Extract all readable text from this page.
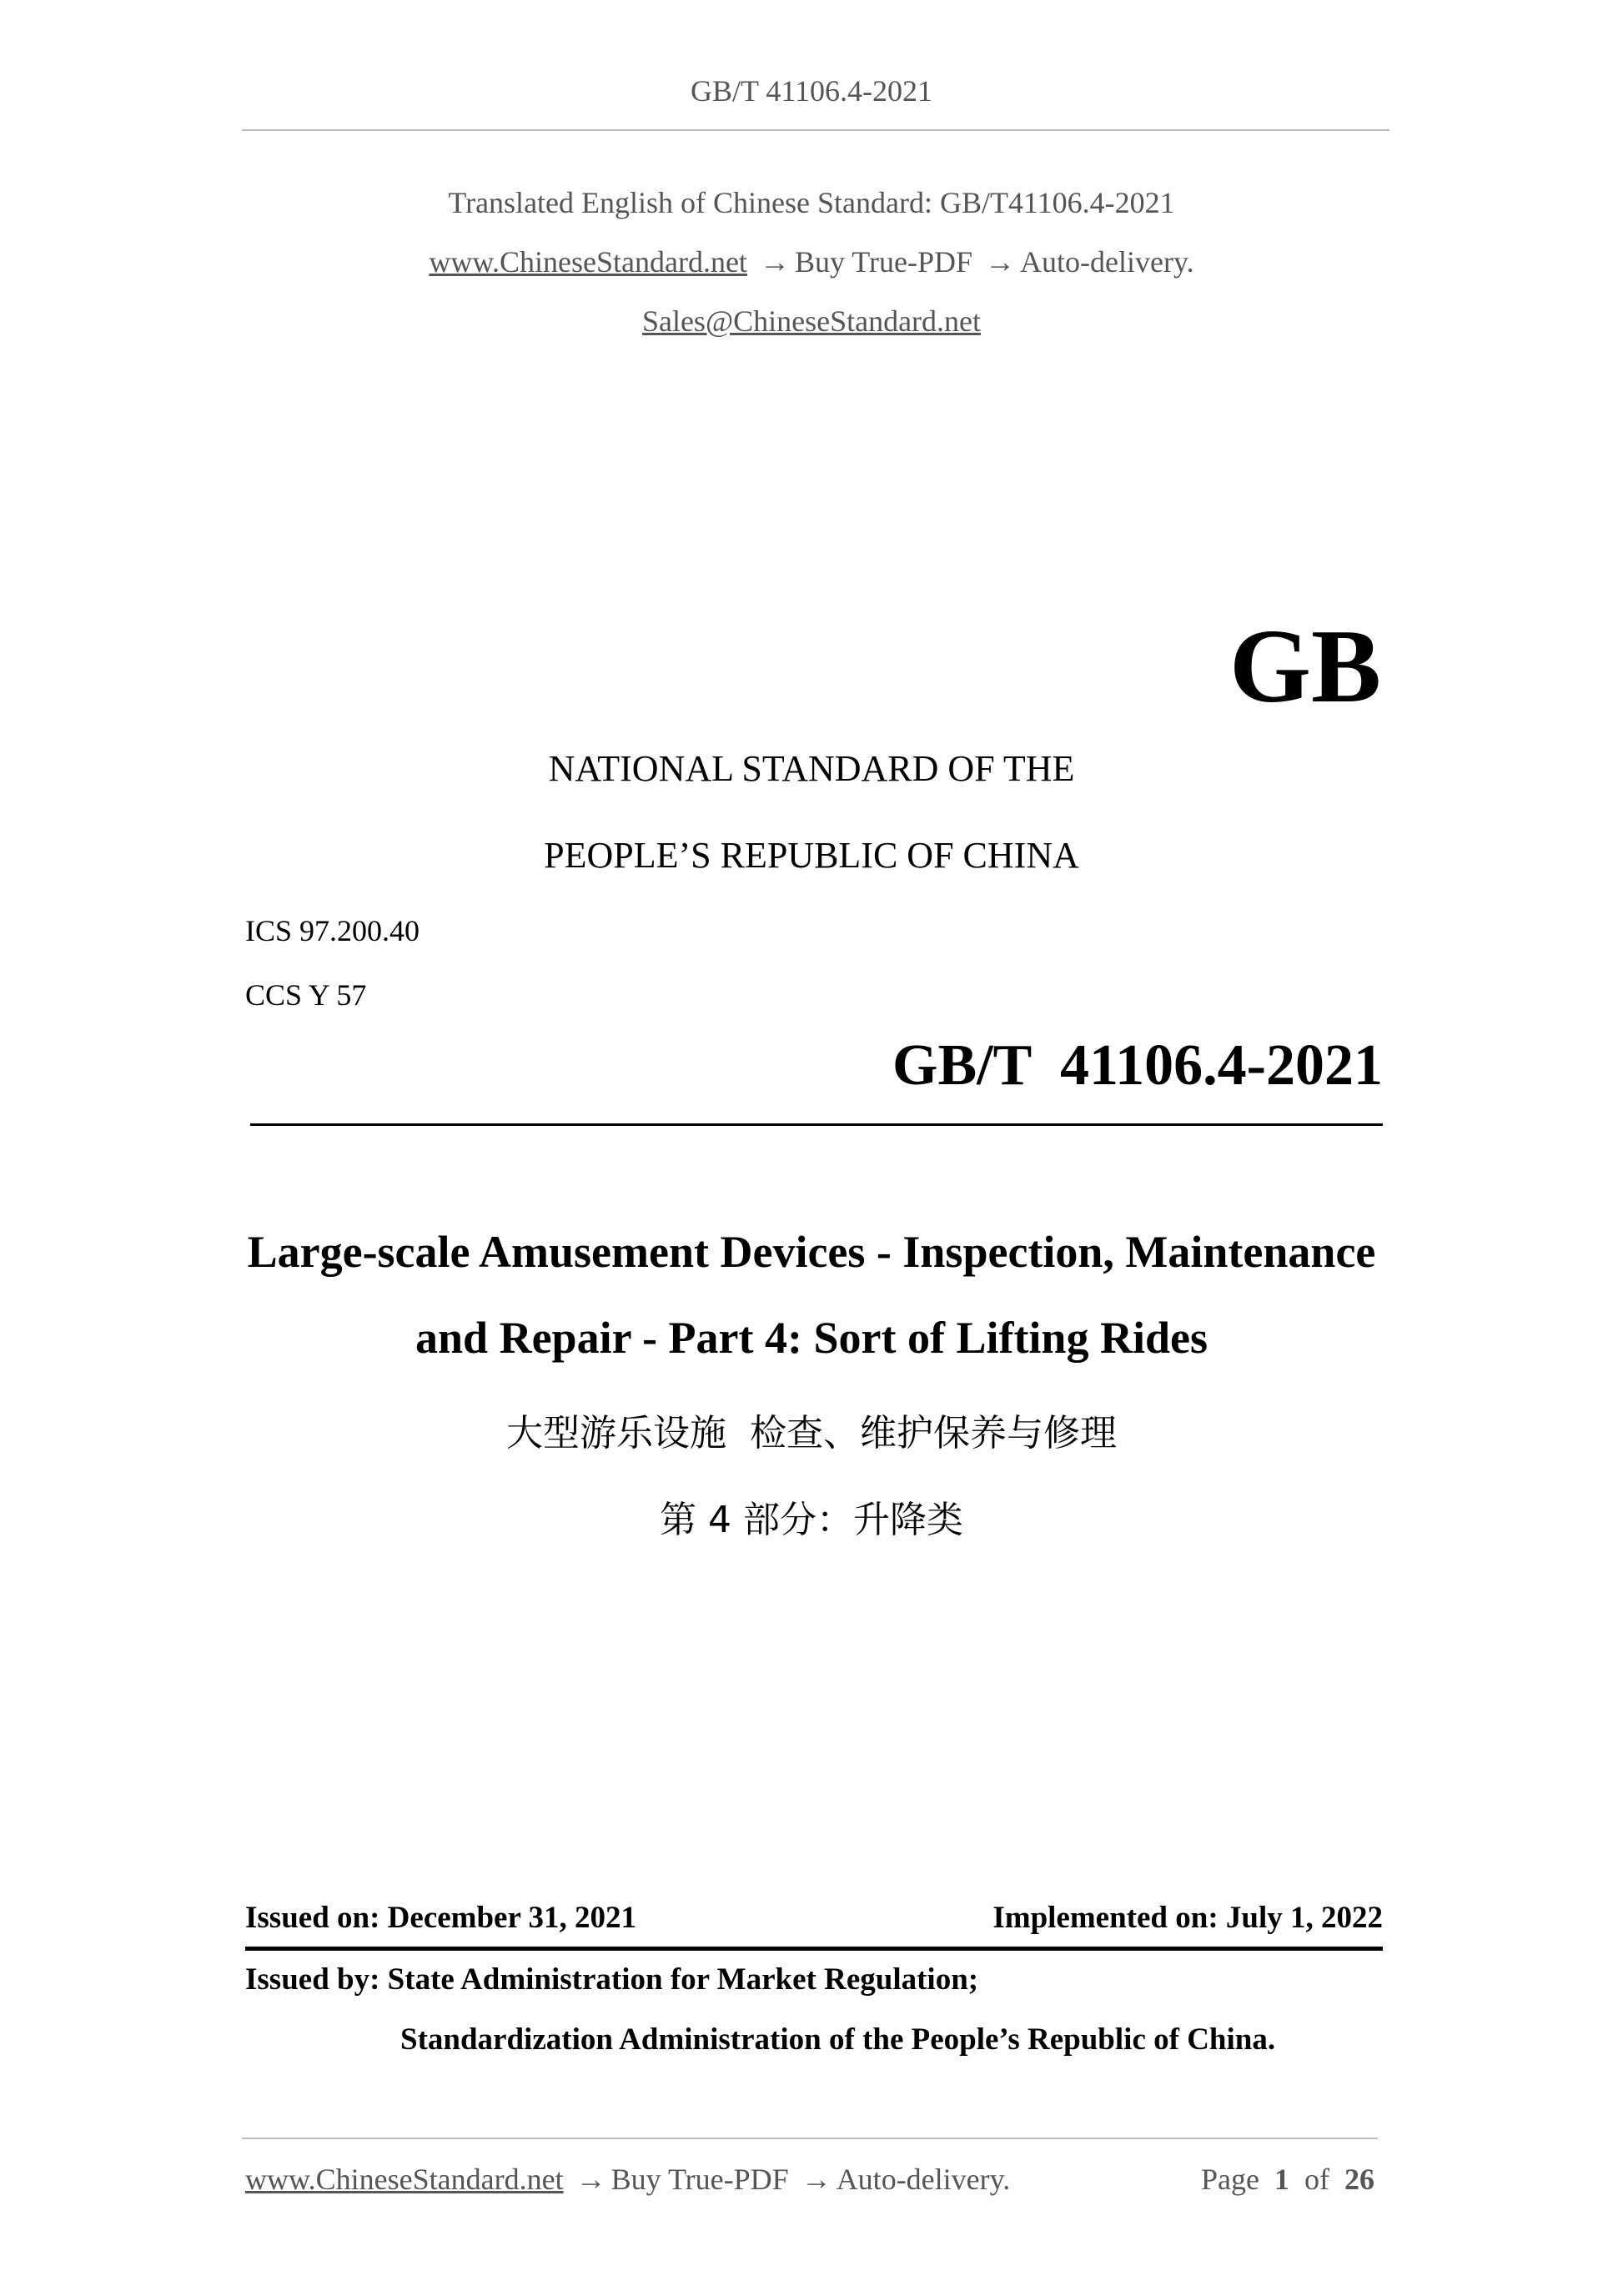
GB/T 41106.4-2021
Translated English of Chinese Standard: GB/T41106.4-2021
www.ChineseStandard.net → Buy True-PDF → Auto-delivery.
Sales@ChineseStandard.net
GB
NATIONAL STANDARD OF THE
PEOPLE’S REPUBLIC OF CHINA
ICS 97.200.40
CCS Y 57
GB/T  41106.4-2021
Large-scale Amusement Devices - Inspection, Maintenance
and Repair - Part 4: Sort of Lifting Rides
大型游乐设施  检查、维护保养与修理
第 4 部分：升降类
Issued on: December 31, 2021	Implemented on: July 1, 2022
Issued by: State Administration for Market Regulation;
Standardization Administration of the People’s Republic of China.
www.ChineseStandard.net → Buy True-PDF → Auto-delivery.	Page 1 of 26
